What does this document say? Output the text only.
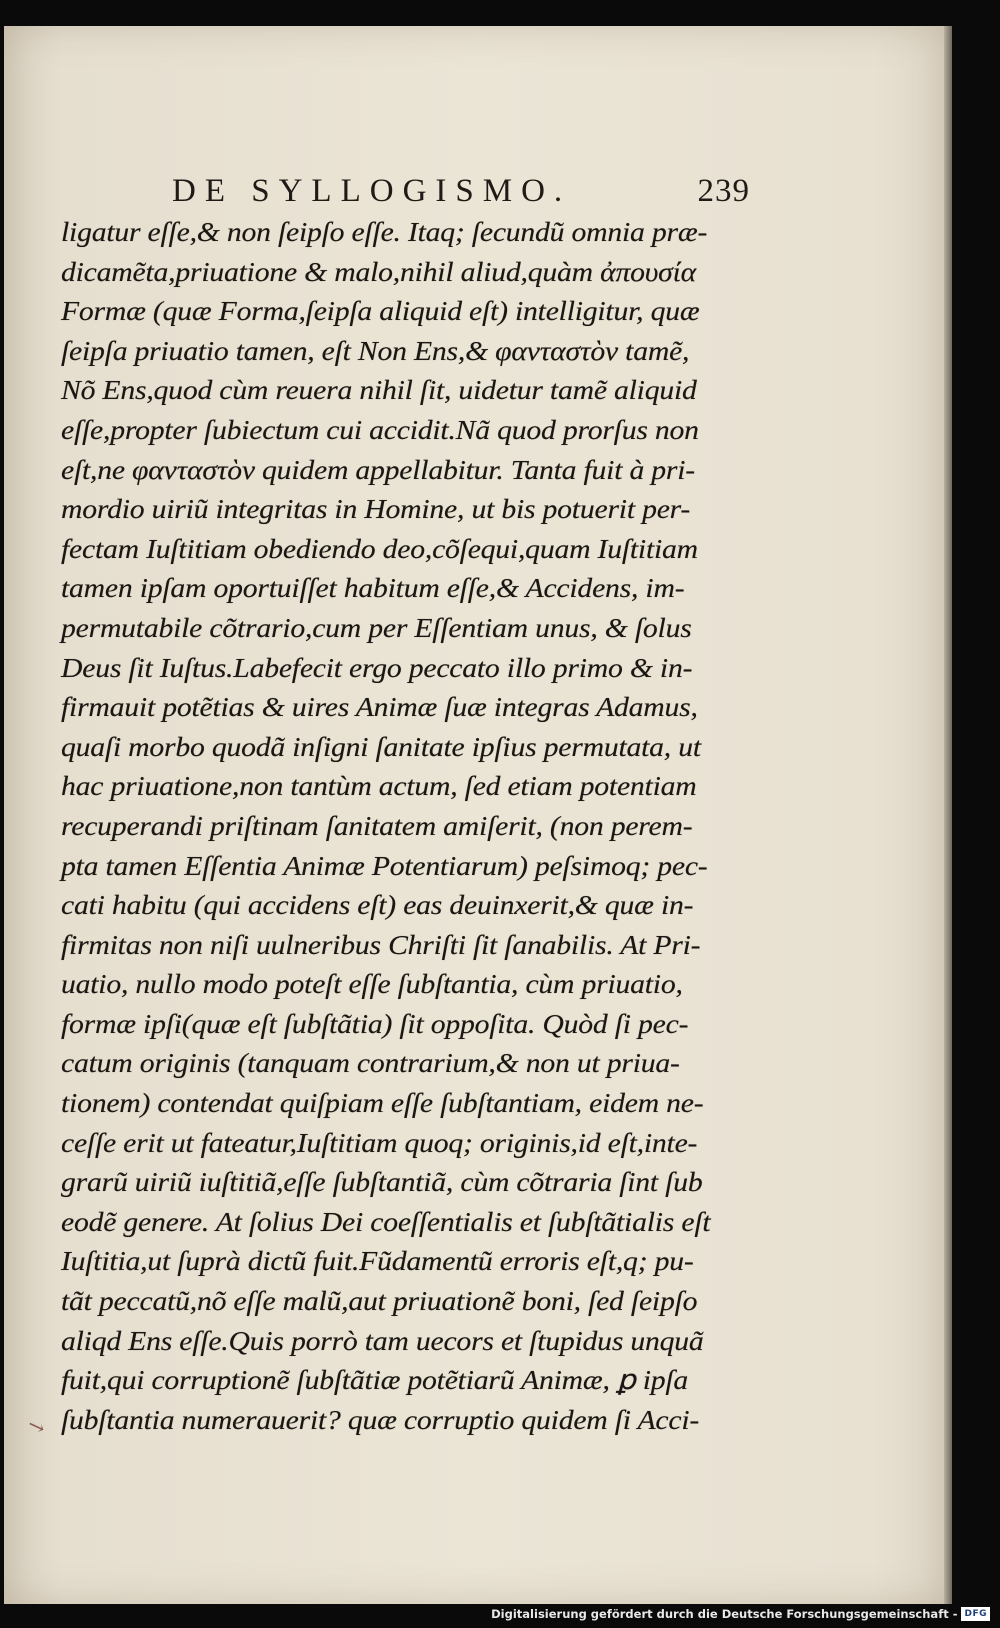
DE SYLLOGISMO.	239
ligatur eſſe,& non ſeipſo eſſe. Itaq; ſecundũ omnia præ-
dicamẽta,priuatione & malo,nihil aliud,quàm ἀπουσία
Formæ (quæ Forma,ſeipſa aliquid eſt) intelligitur, quæ
ſeipſa priuatio tamen, eſt Non Ens,& φανταστὸν tamẽ,
Nõ Ens,quod cùm reuera nihil ſit, uidetur tamẽ aliquid
eſſe,propter ſubiectum cui accidit.Nã quod prorſus non
eſt,ne φανταστὸν quidem appellabitur. Tanta fuit à pri-
mordio uiriũ integritas in Homine, ut bis potuerit per-
fectam Iuſtitiam obediendo deo,cõſequi,quam Iuſtitiam
tamen ipſam oportuiſſet habitum eſſe,& Accidens, im-
permutabile cõtrario,cum per Eſſentiam unus, & ſolus
Deus ſit Iuſtus.Labefecit ergo peccato illo primo & in-
firmauit potẽtias & uires Animæ ſuæ integras Adamus,
quaſi morbo quodã inſigni ſanitate ipſius permutata, ut
hac priuatione,non tantùm actum, ſed etiam potentiam
recuperandi priſtinam ſanitatem amiſerit, (non perem-
pta tamen Eſſentia Animæ Potentiarum) peſsimoq; pec-
cati habitu (qui accidens eſt) eas deuinxerit,& quæ in-
firmitas non niſi uulneribus Chriſti ſit ſanabilis. At Pri-
uatio, nullo modo poteſt eſſe ſubſtantia, cùm priuatio,
formæ ipſi(quæ eſt ſubſtãtia) ſit oppoſita. Quòd ſi pec-
catum originis (tanquam contrarium,& non ut priua-
tionem) contendat quiſpiam eſſe ſubſtantiam, eidem ne-
ceſſe erit ut fateatur,Iuſtitiam quoq; originis,id eſt,inte-
grarũ uiriũ iuſtitiã,eſſe ſubſtantiã, cùm cõtraria ſint ſub
eodẽ genere. At ſolius Dei coeſſentialis et ſubſtãtialis eſt
Iuſtitia,ut ſuprà dictũ fuit.Fũdamentũ erroris eſt,q; pu-
tãt peccatũ,nõ eſſe malũ,aut priuationẽ boni, ſed ſeipſo
aliqd Ens eſſe.Quis porrò tam uecors et ſtupidus unquã
fuit,qui corruptionẽ ſubſtãtiæ potẽtiarũ Animæ, ꝑ ipſa
ſubſtantia numerauerit? quæ corruptio quidem ſi Acci-
↘
Digitalisierung gefördert durch die Deutsche Forschungsgemeinschaft - DFG
